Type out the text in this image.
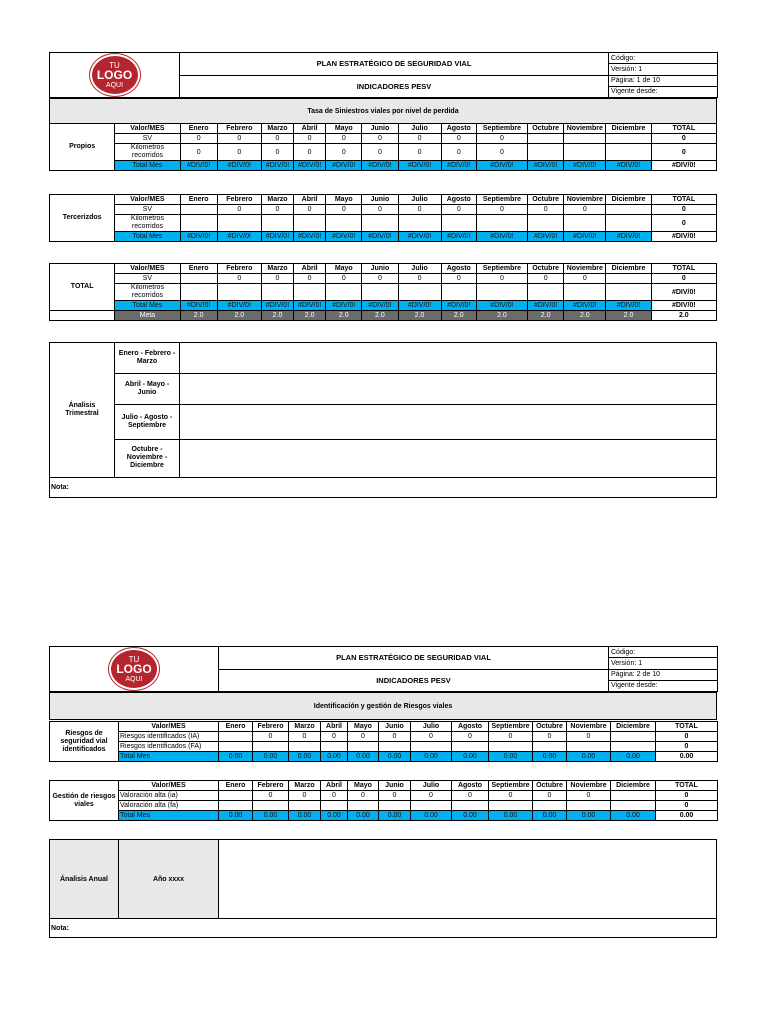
TU
LOGO
AQUI	PLAN ESTRATÉGICO DE SEGURIDAD VIAL	Código:
		Versión: 1
	INDICADORES PESV	Página: 1 de 10
		Vigente desde:
Tasa de Siniestros viales por nivel de perdida
Propios	Valor/MES	Enero	Febrero	Marzo	Abril	Mayo	Junio	Julio	Agosto	Septiembre	Octubre	Noviembre	Diciembre	TOTAL
	SV	0	0	0	0	0	0	0	0	0				0
	Kilometros recorridos	0	0	0	0	0	0	0	0	0				0
	Total Mes	#DIV/0!	#DIV/0!	#DIV/0!	#DIV/0!	#DIV/0!	#DIV/0!	#DIV/0!	#DIV/0!	#DIV/0!	#DIV/0!	#DIV/0!	#DIV/0!	#DIV/0!
Tercerizdos	Valor/MES	Enero	Febrero	Marzo	Abril	Mayo	Junio	Julio	Agosto	Septiembre	Octubre	Noviembre	Diciembre	TOTAL
	SV		0	0	0	0	0	0	0	0	0	0		0
	Kilometros recorridos													0
	Total Mes	#DIV/0!	#DIV/0!	#DIV/0!	#DIV/0!	#DIV/0!	#DIV/0!	#DIV/0!	#DIV/0!	#DIV/0!	#DIV/0!	#DIV/0!	#DIV/0!	#DIV/0!
TOTAL	Valor/MES	Enero	Febrero	Marzo	Abril	Mayo	Junio	Julio	Agosto	Septiembre	Octubre	Noviembre	Diciembre	TOTAL
	SV		0	0	0	0	0	0	0	0	0	0		0
	Kilometros recorridos													#DIV/0!
	Total Mes	#DIV/0!	#DIV/0!	#DIV/0!	#DIV/0!	#DIV/0!	#DIV/0!	#DIV/0!	#DIV/0!	#DIV/0!	#DIV/0!	#DIV/0!	#DIV/0!	#DIV/0!
	Meta	2.0	2.0	2.0	2.0	2.0	2.0	2.0	2.0	2.0	2.0	2.0	2.0	2.0
Ánalisis Trimestral	Enero - Febrero - Marzo	
	Abril - Mayo - Junio	
	Julio - Agosto - Septiembre	
	Octubre - Noviembre - Diciembre	
Nota:		
TU
LOGO
AQUI	PLAN ESTRATÉGICO DE SEGURIDAD VIAL	Código:
		Versión: 1
	INDICADORES PESV	Página: 2 de 10
		Vigente desde:
Identificación y gestión de Riesgos viales
Riesgos de seguridad vial identificados	Valor/MES	Enero	Febrero	Marzo	Abril	Mayo	Junio	Julio	Agosto	Septiembre	Octubre	Noviembre	Diciembre	TOTAL
	Riesgos identificados (IA)		0	0	0	0	0	0	0	0	0	0		0
	Riesgos identificados (FA)													0
	Total Mes	0.00	0.00	0.00	0.00	0.00	0.00	0.00	0.00	0.00	0.00	0.00	0.00	0.00
Gestión de riesgos viales	Valor/MES	Enero	Febrero	Marzo	Abril	Mayo	Junio	Julio	Agosto	Septiembre	Octubre	Noviembre	Diciembre	TOTAL
	Valoración alta (ia)		0	0	0	0	0	0	0	0	0	0		0
	Valoración alta (fa)													0
	Total Mes	0.00	0.00	0.00	0.00	0.00	0.00	0.00	0.00	0.00	0.00	0.00	0.00	0.00
Ánalisis Anual	Año xxxx	
Nota:
